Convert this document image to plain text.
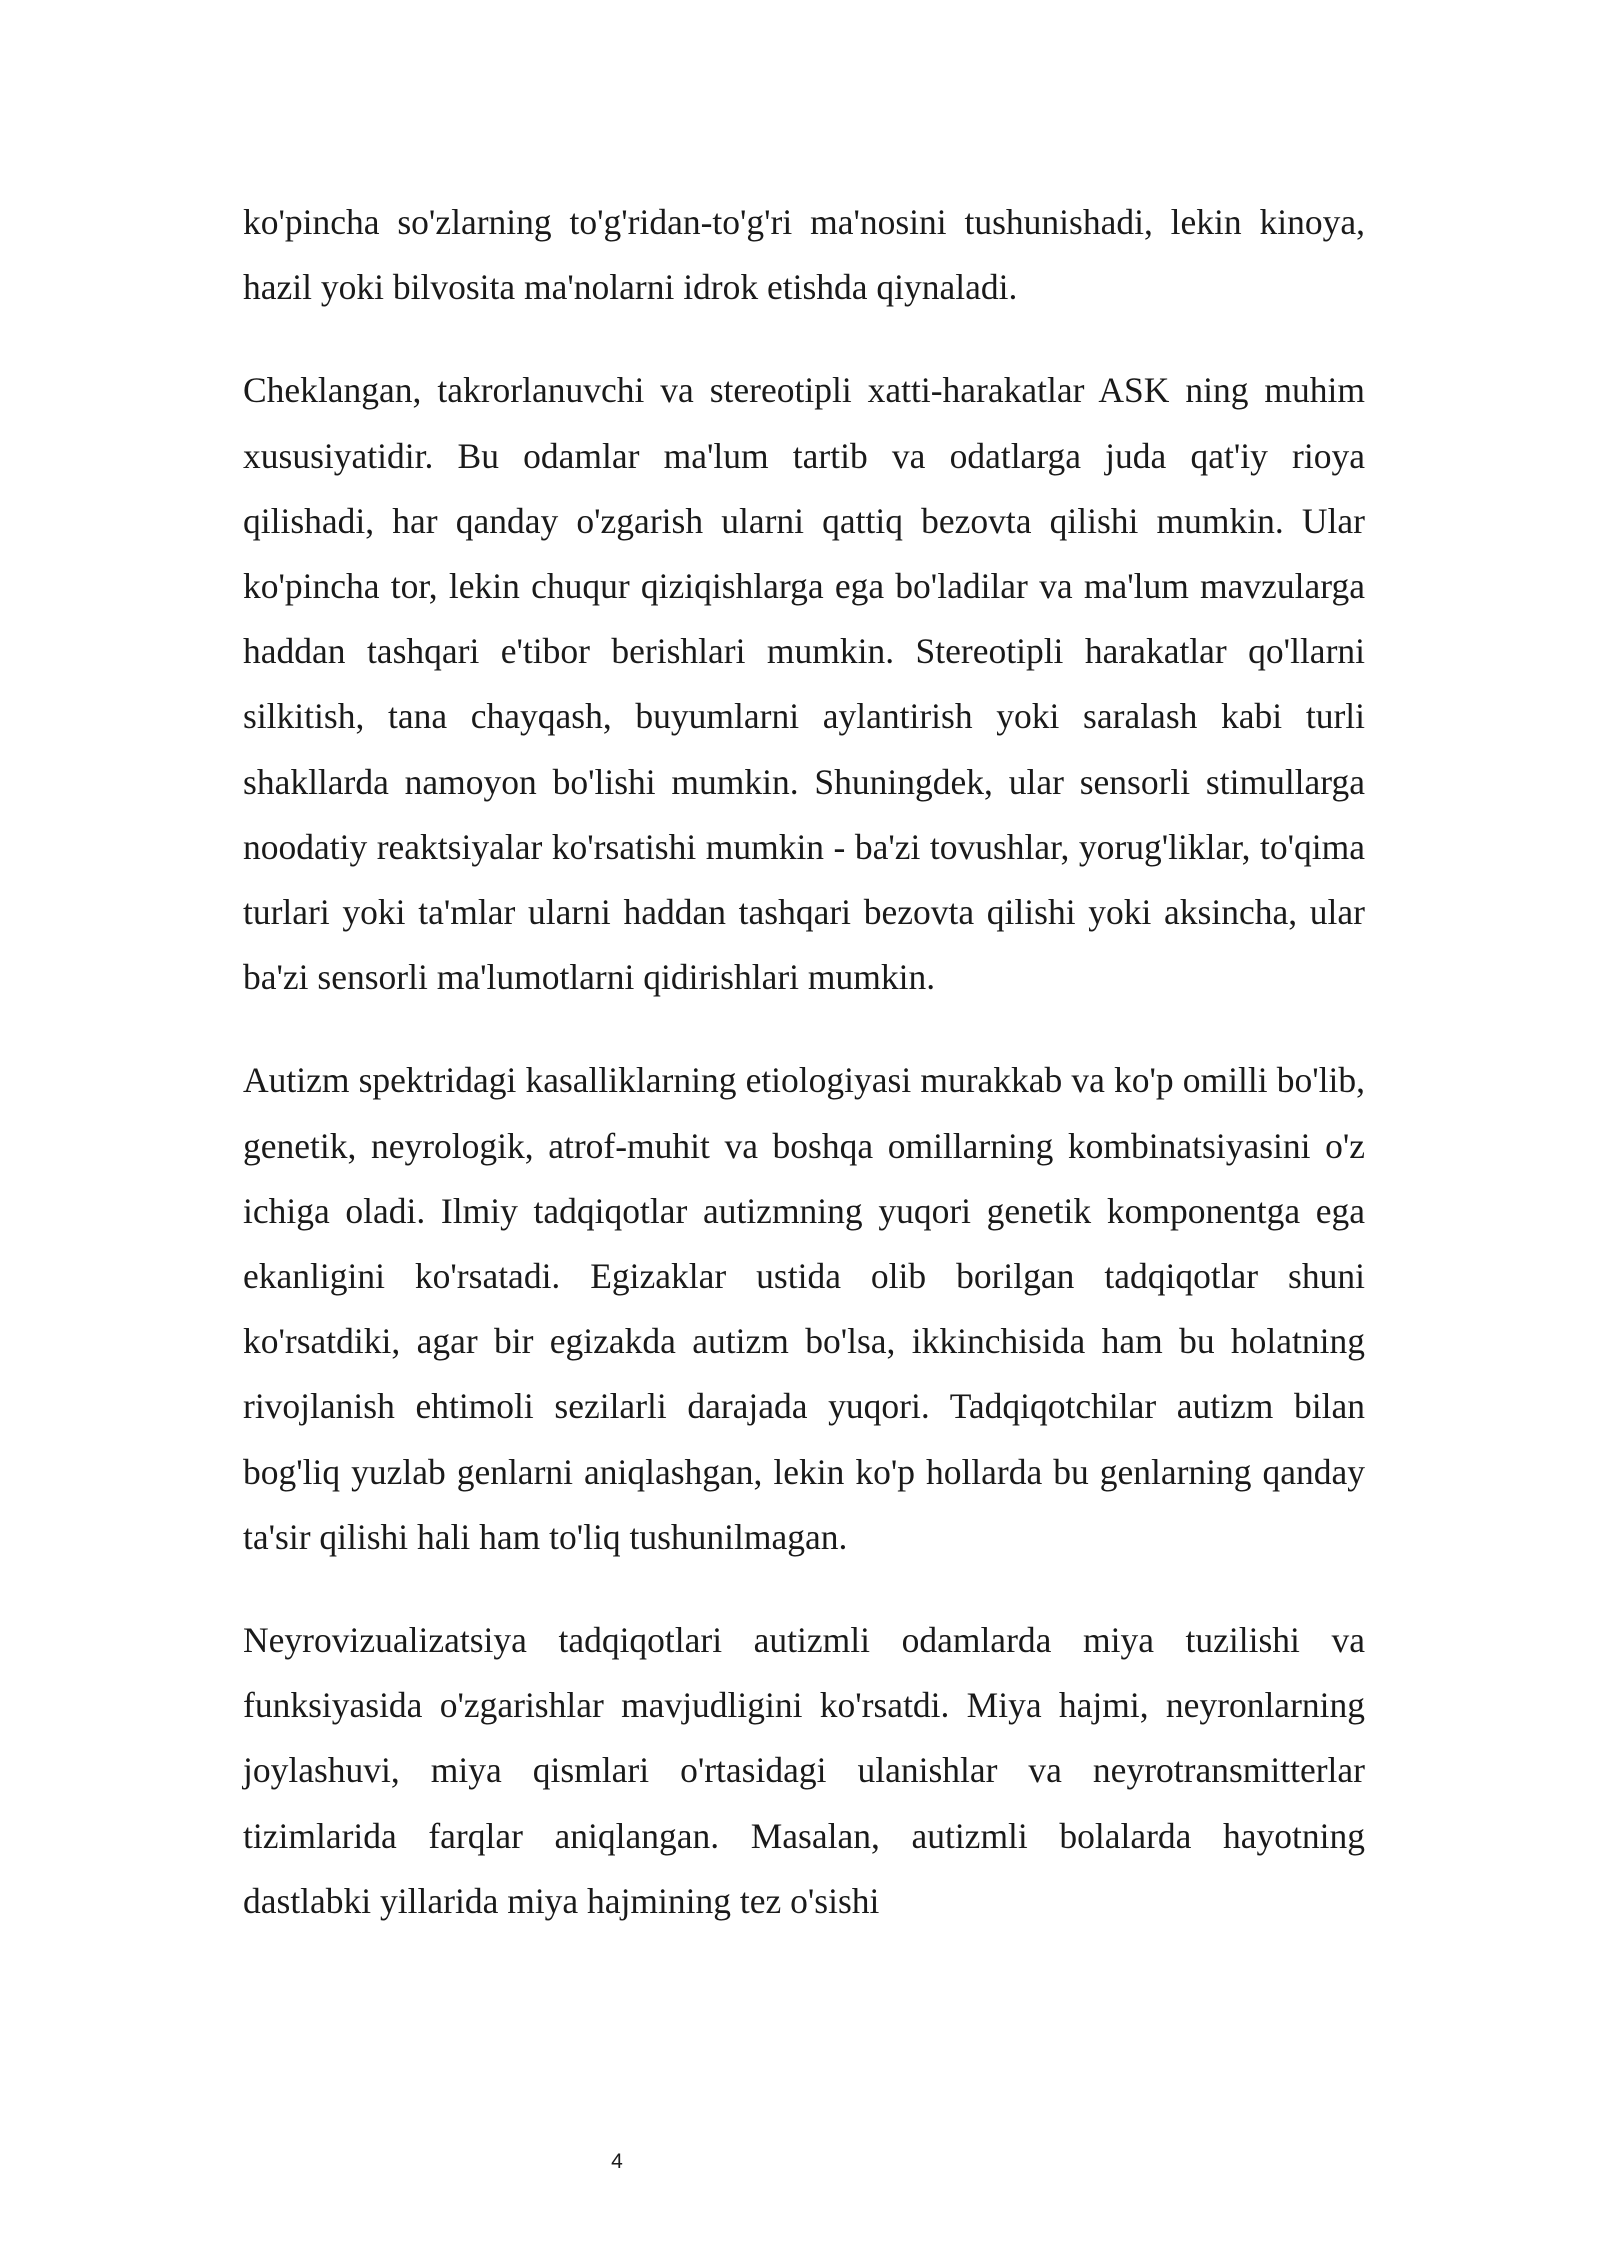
ko'pincha so'zlarning to'g'ridan-to'g'ri ma'nosini tushunishadi, lekin kinoya, hazil yoki bilvosita ma'nolarni idrok etishda qiynaladi.

Cheklangan, takrorlanuvchi va stereotipli xatti-harakatlar ASK ning muhim xususiyatidir. Bu odamlar ma'lum tartib va odatlarga juda qat'iy rioya qilishadi, har qanday o'zgarish ularni qattiq bezovta qilishi mumkin. Ular ko'pincha tor, lekin chuqur qiziqishlarga ega bo'ladilar va ma'lum mavzularga haddan tashqari e'tibor berishlari mumkin. Stereotipli harakatlar qo'llarni silkitish, tana chayqash, buyumlarni aylantirish yoki saralash kabi turli shakllarda namoyon bo'lishi mumkin. Shuningdek, ular sensorli stimullarga noodatiy reaktsiyalar ko'rsatishi mumkin - ba'zi tovushlar, yorug'liklar, to'qima turlari yoki ta'mlar ularni haddan tashqari bezovta qilishi yoki aksincha, ular ba'zi sensorli ma'lumotlarni qidirishlari mumkin.

Autizm spektridagi kasalliklarning etiologiyasi murakkab va ko'p omilli bo'lib, genetik, neyrologik, atrof-muhit va boshqa omillarning kombinatsiyasini o'z ichiga oladi. Ilmiy tadqiqotlar autizmning yuqori genetik komponentga ega ekanligini ko'rsatadi. Egizaklar ustida olib borilgan tadqiqotlar shuni ko'rsatdiki, agar bir egizakda autizm bo'lsa, ikkinchisida ham bu holatning rivojlanish ehtimoli sezilarli darajada yuqori. Tadqiqotchilar autizm bilan bog'liq yuzlab genlarni aniqlashgan, lekin ko'p hollarda bu genlarning qanday ta'sir qilishi hali ham to'liq tushunilmagan.

Neyrovizualizatsiya tadqiqotlari autizmli odamlarda miya tuzilishi va funksiyasida o'zgarishlar mavjudligini ko'rsatdi. Miya hajmi, neyronlarning joylashuvi, miya qismlari o'rtasidagi ulanishlar va neyrotransmitterlar tizimlarida farqlar aniqlangan. Masalan, autizmli bolalarda hayotning dastlabki yillarida miya hajmining tez o'sishi

4
